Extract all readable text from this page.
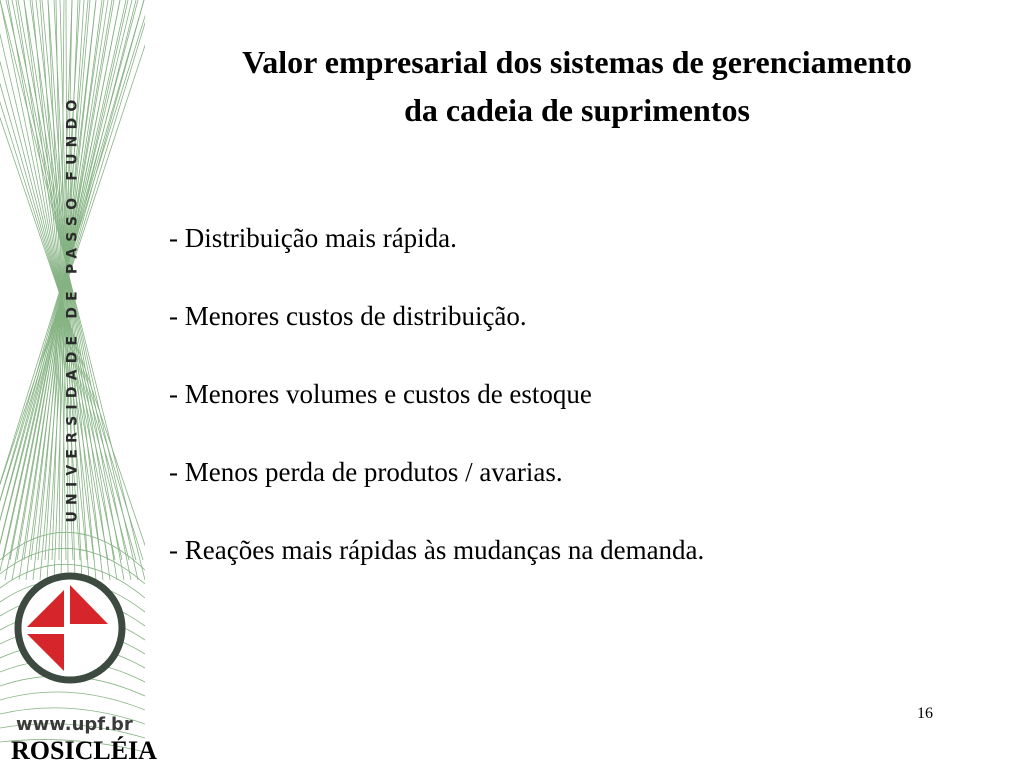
UNIVERSIDADE DE PASSO FUNDO
www.upf.br
ROSICLÉIA
Valor empresarial dos sistemas de gerenciamento
da cadeia de suprimentos
- Distribuição mais rápida.
- Menores custos de distribuição.
- Menores volumes e custos de estoque
- Menos perda de produtos / avarias.
- Reações mais rápidas às mudanças na demanda.
16
